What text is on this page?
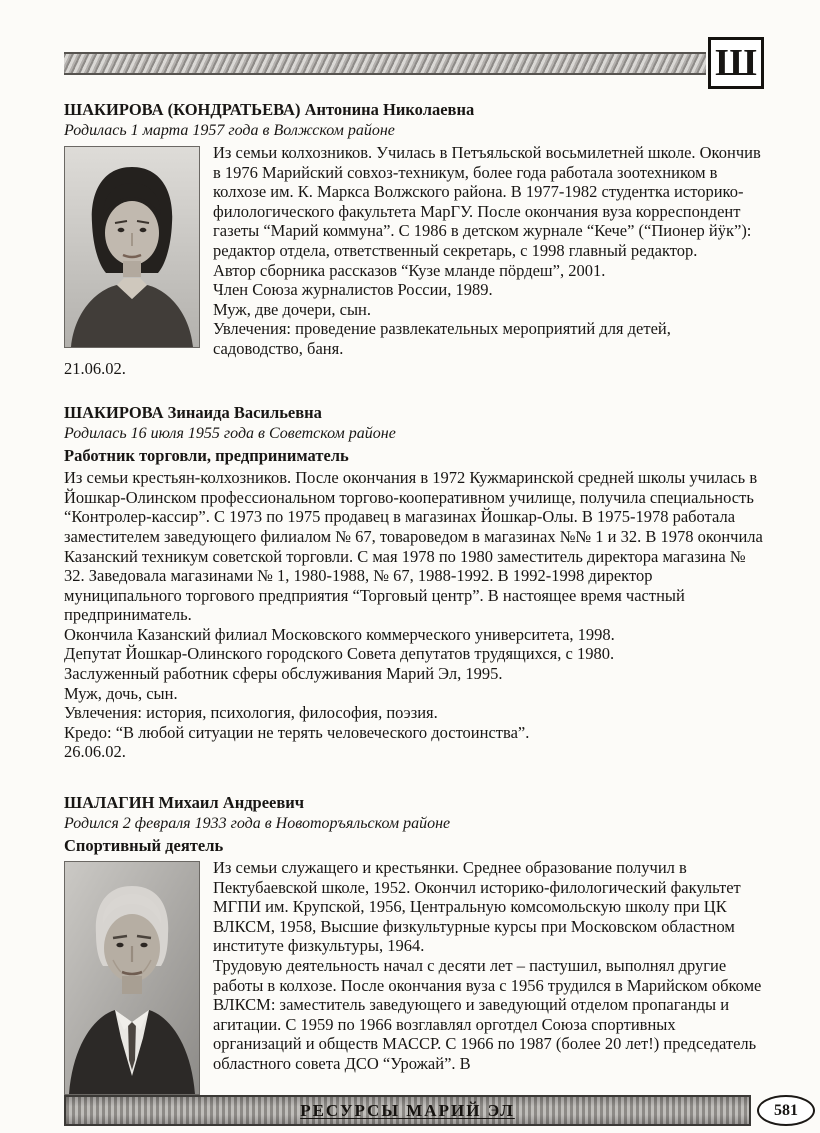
Ш
ШАКИРОВА (КОНДРАТЬЕВА) Антонина Николаевна
Родилась 1 марта 1957 года в Волжском районе

Из семьи колхозников. Училась в Петъяльской восьмилетней школе. Окончив в 1976 Марийский совхоз-техникум, более года работала зоотехником в колхозе им. К. Маркса Волжского района. В 1977-1982 студентка историко-филологического факультета МарГУ. После окончания вуза корреспондент газеты “Марий коммуна”. С 1986 в детском журнале “Кече” (“Пионер йÿк”): редактор отдела, ответственный секретарь, с 1998 главный редактор.

Автор сборника рассказов “Кузе мланде пöрдеш”, 2001.

Член Союза журналистов России, 1989.

Муж, две дочери, сын.

Увлечения: проведение развлекательных мероприятий для детей, садоводство, баня.

21.06.02.

ШАКИРОВА Зинаида Васильевна
Родилась 16 июля 1955 года в Советском районе
Работник торговли, предприниматель

Из семьи крестьян-колхозников. После окончания в 1972 Кужмаринской средней школы училась в Йошкар-Олинском профессиональном торгово-кооперативном училище, получила специальность “Контролер-кассир”. С 1973 по 1975 продавец в магазинах Йошкар-Олы. В 1975-1978 работала заместителем заведующего филиалом № 67, товароведом в магазинах №№ 1 и 32. В 1978 окончила Казанский техникум советской торговли. С мая 1978 по 1980 заместитель директора магазина № 32. Заведовала магазинами № 1, 1980-1988, № 67, 1988-1992. В 1992-1998 директор муниципального торгового предприятия “Торговый центр”. В настоящее время частный предприниматель.

Окончила Казанский филиал Московского коммерческого университета, 1998.

Депутат Йошкар-Олинского городского Совета депутатов трудящихся, с 1980.

Заслуженный работник сферы обслуживания Марий Эл, 1995.

Муж, дочь, сын.

Увлечения: история, психология, философия, поэзия.

Кредо: “В любой ситуации не терять человеческого достоинства”.

26.06.02.

ШАЛАГИН Михаил Андреевич
Родился 2 февраля 1933 года в Новоторъяльском районе
Спортивный деятель

Из семьи служащего и крестьянки. Среднее образование получил в Пектубаевской школе, 1952. Окончил историко-филологический факультет МГПИ им. Крупской, 1956, Центральную комсомольскую школу при ЦК ВЛКСМ, 1958, Высшие физкультурные курсы при Московском областном институте физкультуры, 1964.

Трудовую деятельность начал с десяти лет – пастушил, выполнял другие работы в колхозе. После окончания вуза с 1956 трудился в Марийском обкоме ВЛКСМ: заместитель заведующего и заведующий отделом пропаганды и агитации. С 1959 по 1966 возглавлял орготдел Союза спортивных организаций и обществ МАССР. С 1966 по 1987 (более 20 лет!) председатель областного совета ДСО “Урожай”. В

РЕСУРСЫ МАРИЙ ЭЛ	581
